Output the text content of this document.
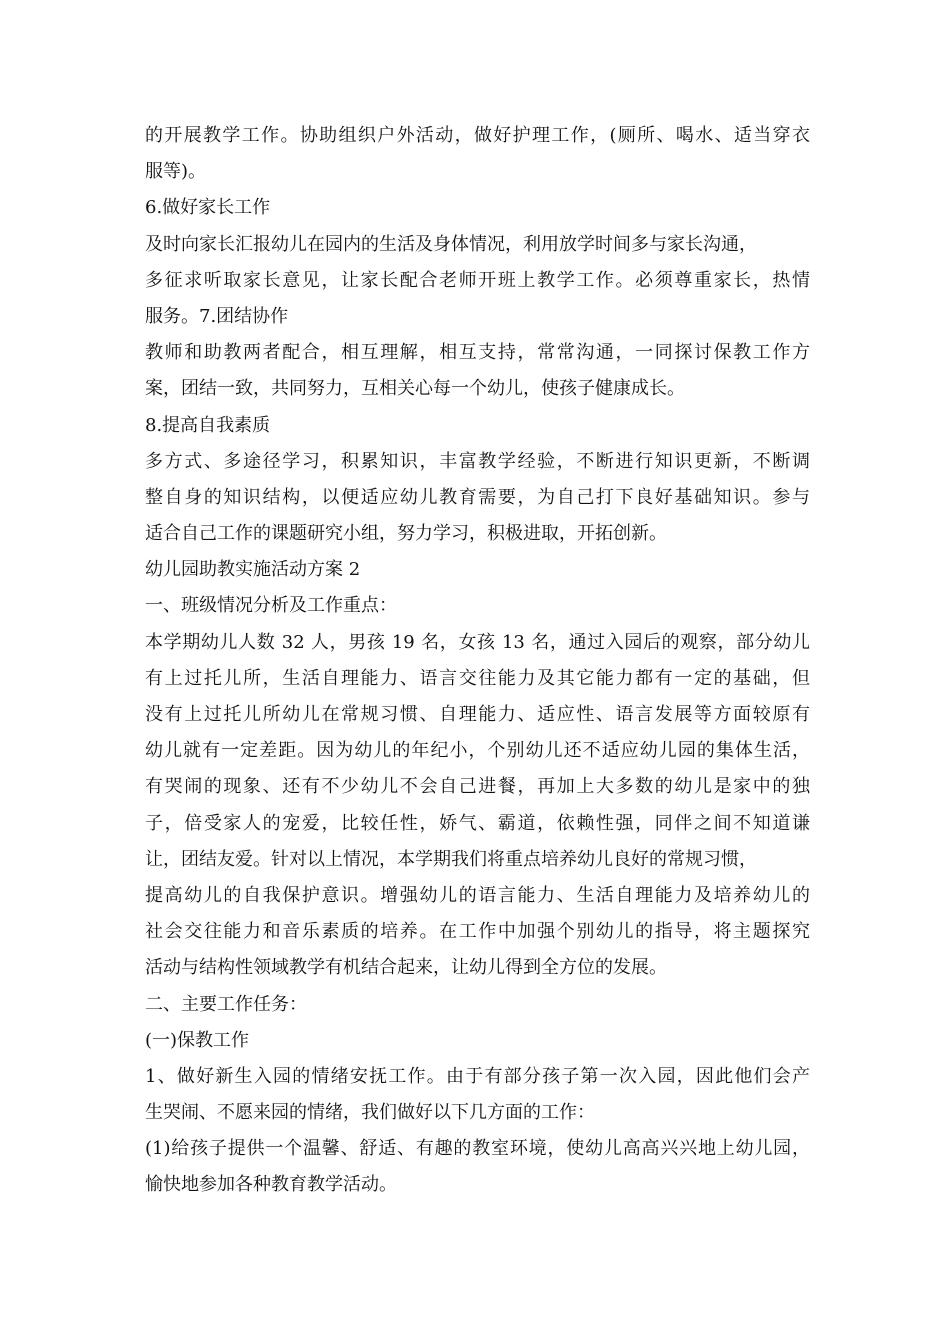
的开展教学工作。协助组织户外活动，做好护理工作，(厕所、喝水、适当穿衣
服等)。
6.做好家长工作
及时向家长汇报幼儿在园内的生活及身体情况，利用放学时间多与家长沟通，
多征求听取家长意见，让家长配合老师开班上教学工作。必须尊重家长，热情
服务。7.团结协作
教师和助教两者配合，相互理解，相互支持，常常沟通，一同探讨保教工作方
案，团结一致，共同努力，互相关心每一个幼儿，使孩子健康成长。
8.提高自我素质
多方式、多途径学习，积累知识，丰富教学经验，不断进行知识更新，不断调
整自身的知识结构，以便适应幼儿教育需要，为自己打下良好基础知识。参与
适合自己工作的课题研究小组，努力学习，积极进取，开拓创新。
幼儿园助教实施活动方案 2
一、班级情况分析及工作重点：
本学期幼儿人数 32 人，男孩 19 名，女孩 13 名，通过入园后的观察，部分幼儿
有上过托儿所，生活自理能力、语言交往能力及其它能力都有一定的基础，但
没有上过托儿所幼儿在常规习惯、自理能力、适应性、语言发展等方面较原有
幼儿就有一定差距。因为幼儿的年纪小，个别幼儿还不适应幼儿园的集体生活，
有哭闹的现象、还有不少幼儿不会自己进餐，再加上大多数的幼儿是家中的独
子，倍受家人的宠爱，比较任性，娇气、霸道，依赖性强，同伴之间不知道谦
让，团结友爱。针对以上情况，本学期我们将重点培养幼儿良好的常规习惯，
提高幼儿的自我保护意识。增强幼儿的语言能力、生活自理能力及培养幼儿的
社会交往能力和音乐素质的培养。在工作中加强个别幼儿的指导，将主题探究
活动与结构性领域教学有机结合起来，让幼儿得到全方位的发展。
二、主要工作任务：
(一)保教工作
1、做好新生入园的情绪安抚工作。由于有部分孩子第一次入园，因此他们会产
生哭闹、不愿来园的情绪，我们做好以下几方面的工作：
(1)给孩子提供一个温馨、舒适、有趣的教室环境，使幼儿高高兴兴地上幼儿园，
愉快地参加各种教育教学活动。
